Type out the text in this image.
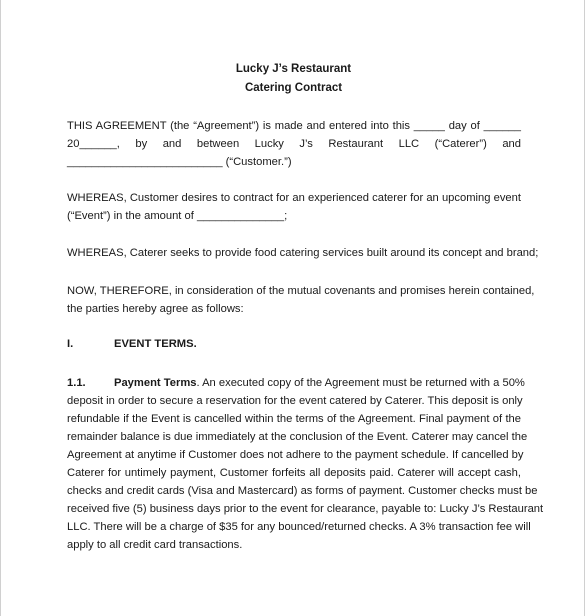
Lucky J’s Restaurant
Catering Contract
THIS AGREEMENT (the “Agreement”) is made and entered into this _____ day of ______
20______, by and between Lucky J’s Restaurant LLC (“Caterer”) and
_________________________ (“Customer.”)
WHEREAS, Customer desires to contract for an experienced caterer for an upcoming event
(“Event”) in the amount of ______________;
WHEREAS, Caterer seeks to provide food catering services built around its concept and brand;
NOW, THEREFORE, in consideration of the mutual covenants and promises herein contained,
the parties hereby agree as follows:
I.	EVENT TERMS.
1.1.	Payment Terms. An executed copy of the Agreement must be returned with a 50%
deposit in order to secure a reservation for the event catered by Caterer. This deposit is only
refundable if the Event is cancelled within the terms of the Agreement. Final payment of the
remainder balance is due immediately at the conclusion of the Event. Caterer may cancel the
Agreement at anytime if Customer does not adhere to the payment schedule. If cancelled by
Caterer for untimely payment, Customer forfeits all deposits paid. Caterer will accept cash,
checks and credit cards (Visa and Mastercard) as forms of payment. Customer checks must be
received five (5) business days prior to the event for clearance, payable to: Lucky J’s Restaurant
LLC. There will be a charge of $35 for any bounced/returned checks. A 3% transaction fee will
apply to all credit card transactions.
